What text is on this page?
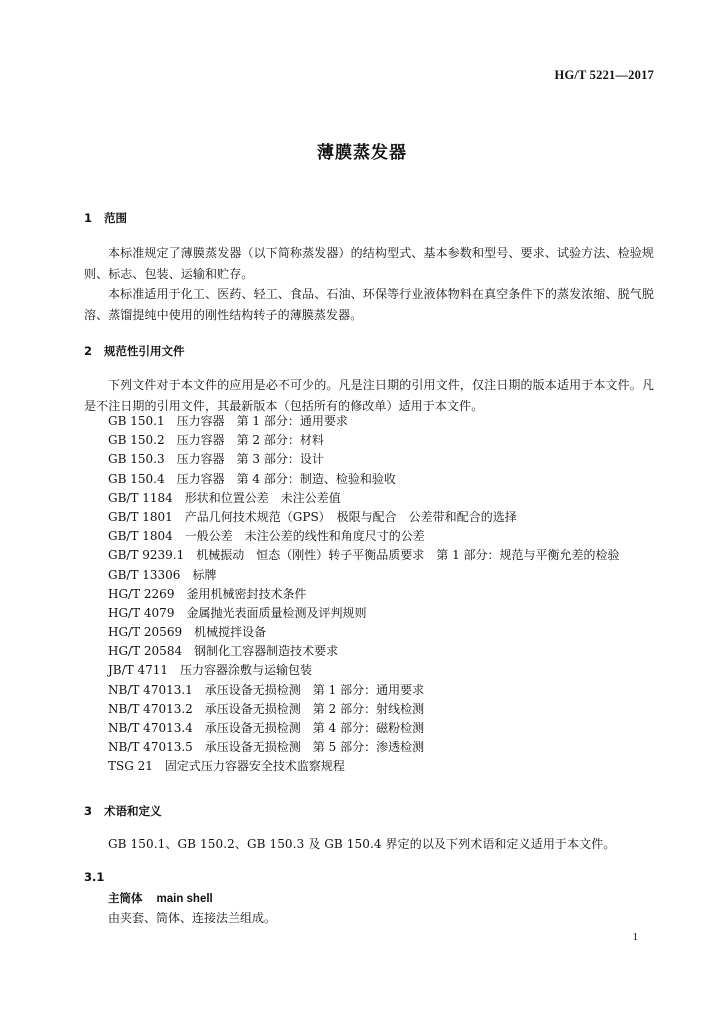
HG/T 5221—2017
薄膜蒸发器
1 范围

本标准规定了薄膜蒸发器（以下简称蒸发器）的结构型式、基本参数和型号、要求、试验方法、检验规则、标志、包装、运输和贮存。

本标准适用于化工、医药、轻工、食品、石油、环保等行业液体物料在真空条件下的蒸发浓缩、脱气脱溶、蒸馏提纯中使用的刚性结构转子的薄膜蒸发器。

2 规范性引用文件

下列文件对于本文件的应用是必不可少的。凡是注日期的引用文件，仅注日期的版本适用于本文件。凡是不注日期的引用文件，其最新版本（包括所有的修改单）适用于本文件。

GB 150.1　压力容器　第 1 部分：通用要求
GB 150.2　压力容器　第 2 部分：材料
GB 150.3　压力容器　第 3 部分：设计
GB 150.4　压力容器　第 4 部分：制造、检验和验收
GB/T 1184　形状和位置公差　未注公差值
GB/T 1801　产品几何技术规范（GPS）　极限与配合　公差带和配合的选择
GB/T 1804　一般公差　未注公差的线性和角度尺寸的公差
GB/T 9239.1　机械振动　恒态（刚性）转子平衡品质要求　第 1 部分：规范与平衡允差的检验
GB/T 13306　标牌
HG/T 2269　釜用机械密封技术条件
HG/T 4079　金属抛光表面质量检测及评判规则
HG/T 20569　机械搅拌设备
HG/T 20584　钢制化工容器制造技术要求
JB/T 4711　压力容器涂敷与运输包装
NB/T 47013.1　承压设备无损检测　第 1 部分：通用要求
NB/T 47013.2　承压设备无损检测　第 2 部分：射线检测
NB/T 47013.4　承压设备无损检测　第 4 部分：磁粉检测
NB/T 47013.5　承压设备无损检测　第 5 部分：渗透检测
TSG 21　固定式压力容器安全技术监察规程
3 术语和定义

GB 150.1、GB 150.2、GB 150.3 及 GB 150.4 界定的以及下列术语和定义适用于本文件。

3.1
主筒体 main shell
由夹套、筒体、连接法兰组成。
1
